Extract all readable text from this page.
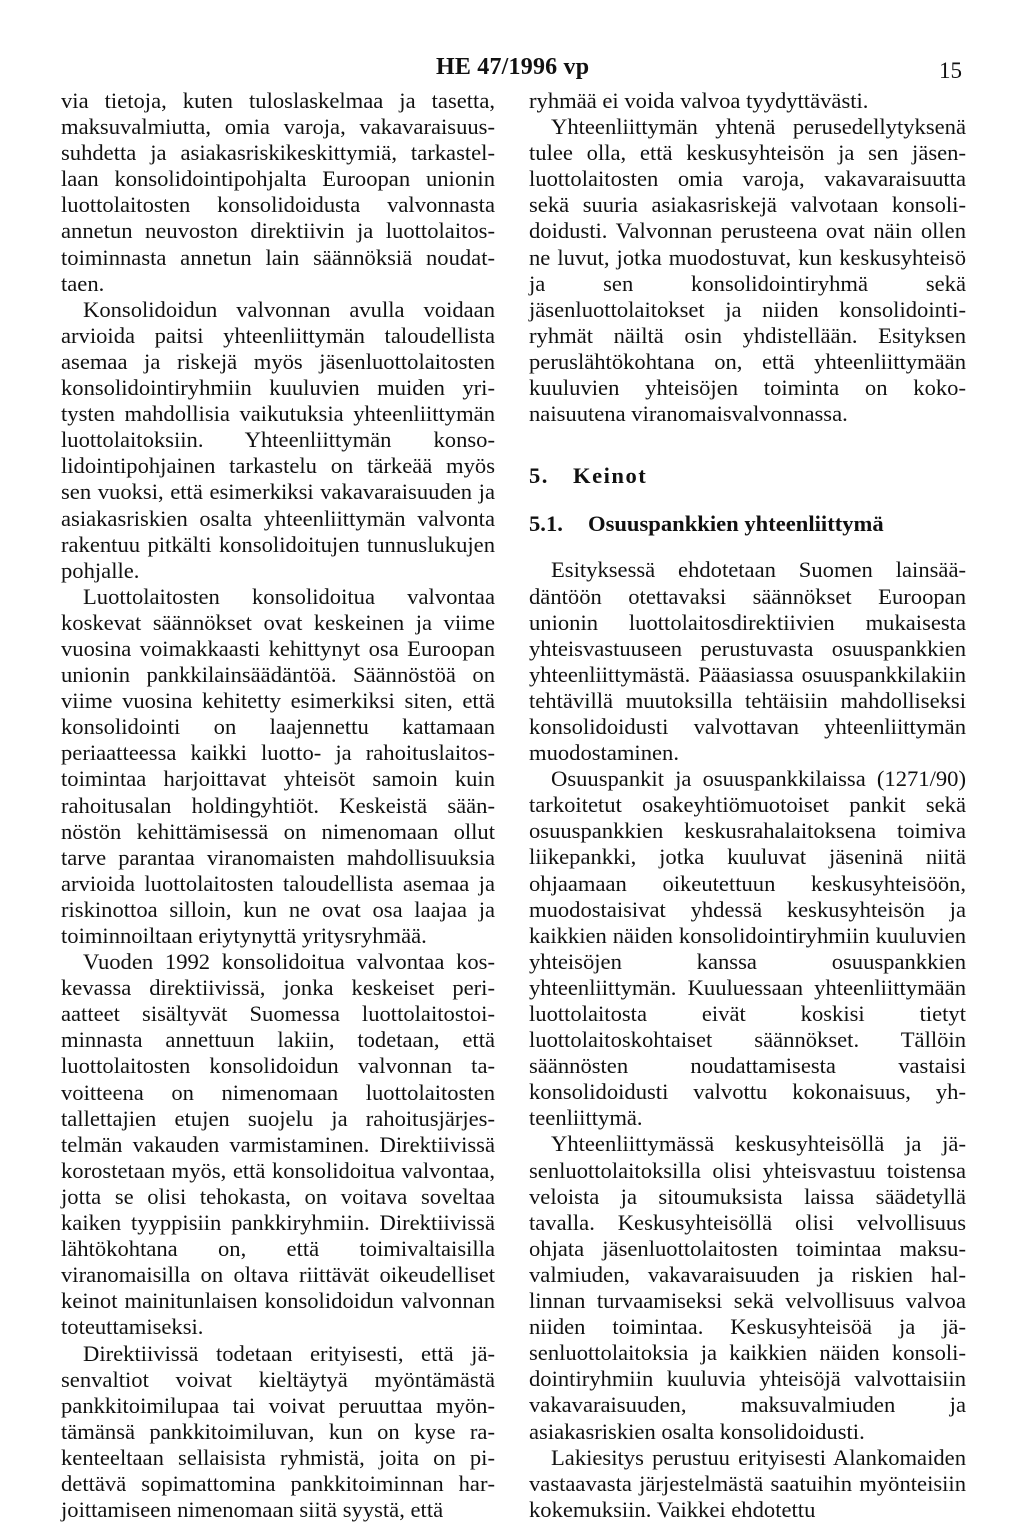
HE 47/1996 vp	15

via tietoja, kuten tuloslaskelmaa ja tasetta, maksuvalmiutta, omia varoja, vakavaraisuussuhdetta ja asiakasriskikeskittymiä, tarkastellaan konsolidointipohjalta Euroopan unionin luottolaitosten konsolidoidusta valvonnasta annetun neuvoston direktiivin ja luottolaitostoiminnasta annetun lain säännöksiä noudattaen.

Konsolidoidun valvonnan avulla voidaan arvioida paitsi yhteenliittymän taloudellista asemaa ja riskejä myös jäsenluottolaitosten konsolidointiryhmiin kuuluvien muiden yritysten mahdollisia vaikutuksia yhteenliittymän luottolaitoksiin. Yhteenliittymän konsolidointipohjainen tarkastelu on tärkeää myös sen vuoksi, että esimerkiksi vakavaraisuuden ja asiakasriskien osalta yhteenliittymän valvonta rakentuu pitkälti konsolidoitujen tunnuslukujen pohjalle.

Luottolaitosten konsolidoitua valvontaa koskevat säännökset ovat keskeinen ja viime vuosina voimakkaasti kehittynyt osa Euroopan unionin pankkilainsäädäntöä. Säännöstöä on viime vuosina kehitetty esimerkiksi siten, että konsolidointi on laajennettu kattamaan periaatteessa kaikki luotto- ja rahoituslaitostoimintaa harjoittavat yhteisöt samoin kuin rahoitusalan holdingyhtiöt. Keskeistä säännöstön kehittämisessä on nimenomaan ollut tarve parantaa viranomaisten mahdollisuuksia arvioida luottolaitosten taloudellista asemaa ja riskinottoa silloin, kun ne ovat osa laajaa ja toiminnoiltaan eriytynyttä yritysryhmää.

Vuoden 1992 konsolidoitua valvontaa koskevassa direktiivissä, jonka keskeiset periaatteet sisältyvät Suomessa luottolaitostoiminnasta annettuun lakiin, todetaan, että luottolaitosten konsolidoidun valvonnan tavoitteena on nimenomaan luottolaitosten tallettajien etujen suojelu ja rahoitusjärjestelmän vakauden varmistaminen. Direktiivissä korostetaan myös, että konsolidoitua valvontaa, jotta se olisi tehokasta, on voitava soveltaa kaiken tyyppisiin pankkiryhmiin. Direktiivissä lähtökohtana on, että toimivaltaisilla viranomaisilla on oltava riittävät oikeudelliset keinot mainitunlaisen konsolidoidun valvonnan toteuttamiseksi.

Direktiivissä todetaan erityisesti, että jäsenvaltiot voivat kieltäytyä myöntämästä pankkitoimilupaa tai voivat peruuttaa myöntämänsä pankkitoimiluvan, kun on kyse rakenteeltaan sellaisista ryhmistä, joita on pidettävä sopimattomina pankkitoiminnan harjoittamiseen nimenomaan siitä syystä, että

ryhmää ei voida valvoa tyydyttävästi.

Yhteenliittymän yhtenä perusedellytyksenä tulee olla, että keskusyhteisön ja sen jäsenluottolaitosten omia varoja, vakavaraisuutta sekä suuria asiakasriskejä valvotaan konsolidoidusti. Valvonnan perusteena ovat näin ollen ne luvut, jotka muodostuvat, kun keskusyhteisö ja sen konsolidointiryhmä sekä jäsenluottolaitokset ja niiden konsolidointiryhmät näiltä osin yhdistellään. Esityksen peruslähtökohtana on, että yhteenliittymään kuuluvien yhteisöjen toiminta on kokonaisuutena viranomaisvalvonnassa.

5.	Keinot
5.1.	Osuuspankkien yhteenliittymä

Esityksessä ehdotetaan Suomen lainsäädäntöön otettavaksi säännökset Euroopan unionin luottolaitosdirektiivien mukaisesta yhteisvastuuseen perustuvasta osuuspankkien yhteenliittymästä. Pääasiassa osuuspankkilakiin tehtävillä muutoksilla tehtäisiin mahdolliseksi konsolidoidusti valvottavan yhteenliittymän muodostaminen.

Osuuspankit ja osuuspankkilaissa (1271/90) tarkoitetut osakeyhtiömuotoiset pankit sekä osuuspankkien keskusrahalaitoksena toimiva liikepankki, jotka kuuluvat jäseninä niitä ohjaamaan oikeutettuun keskusyhteisöön, muodostaisivat yhdessä keskusyhteisön ja kaikkien näiden konsolidointiryhmiin kuuluvien yhteisöjen kanssa osuuspankkien yhteenliittymän. Kuuluessaan yhteenliittymään luottolaitosta eivät koskisi tietyt luottolaitoskohtaiset säännökset. Tällöin säännösten noudattamisesta vastaisi konsolidoidusti valvottu kokonaisuus, yhteenliittymä.

Yhteenliittymässä keskusyhteisöllä ja jäsenluottolaitoksilla olisi yhteisvastuu toistensa veloista ja sitoumuksista laissa säädetyllä tavalla. Keskusyhteisöllä olisi velvollisuus ohjata jäsenluottolaitosten toimintaa maksuvalmiuden, vakavaraisuuden ja riskien hallinnan turvaamiseksi sekä velvollisuus valvoa niiden toimintaa. Keskusyhteisöä ja jäsenluottolaitoksia ja kaikkien näiden konsolidointiryhmiin kuuluvia yhteisöjä valvottaisiin vakavaraisuuden, maksuvalmiuden ja asiakasriskien osalta konsolidoidusti.

Lakiesitys perustuu erityisesti Alankomaiden vastaavasta järjestelmästä saatuihin myönteisiin kokemuksiin. Vaikkei ehdotettu
